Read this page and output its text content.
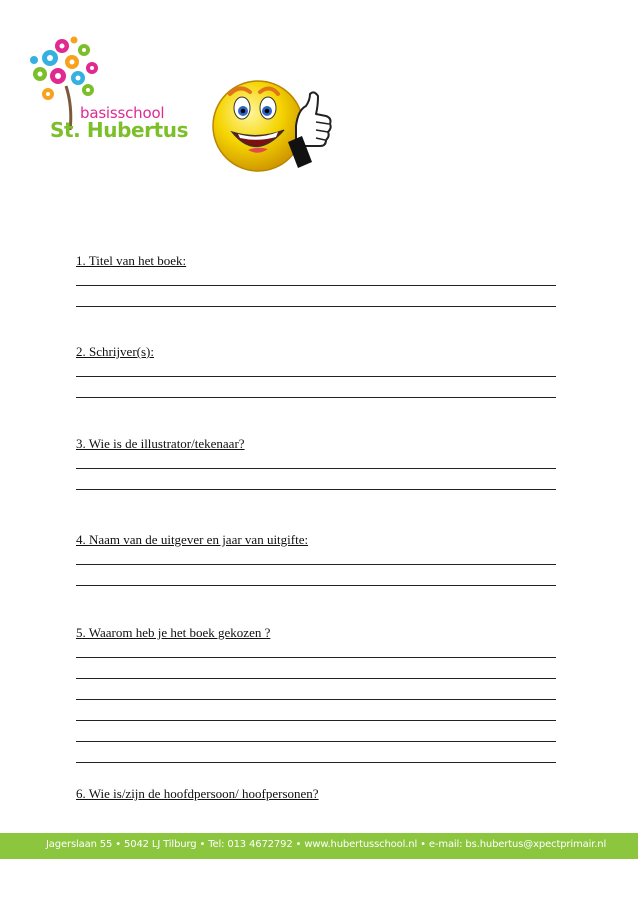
basisschool
St. Hubertus
1. Titel van het boek:
2. Schrijver(s):
3. Wie is de illustrator/tekenaar?
4. Naam van de uitgever en jaar van uitgifte:
5. Waarom heb je het boek gekozen ?
6. Wie is/zijn de hoofdpersoon/ hoofpersonen?
Jagerslaan 55 • 5042 LJ Tilburg • Tel: 013 4672792 • www.hubertusschool.nl • e-mail: bs.hubertus@xpectprimair.nl
